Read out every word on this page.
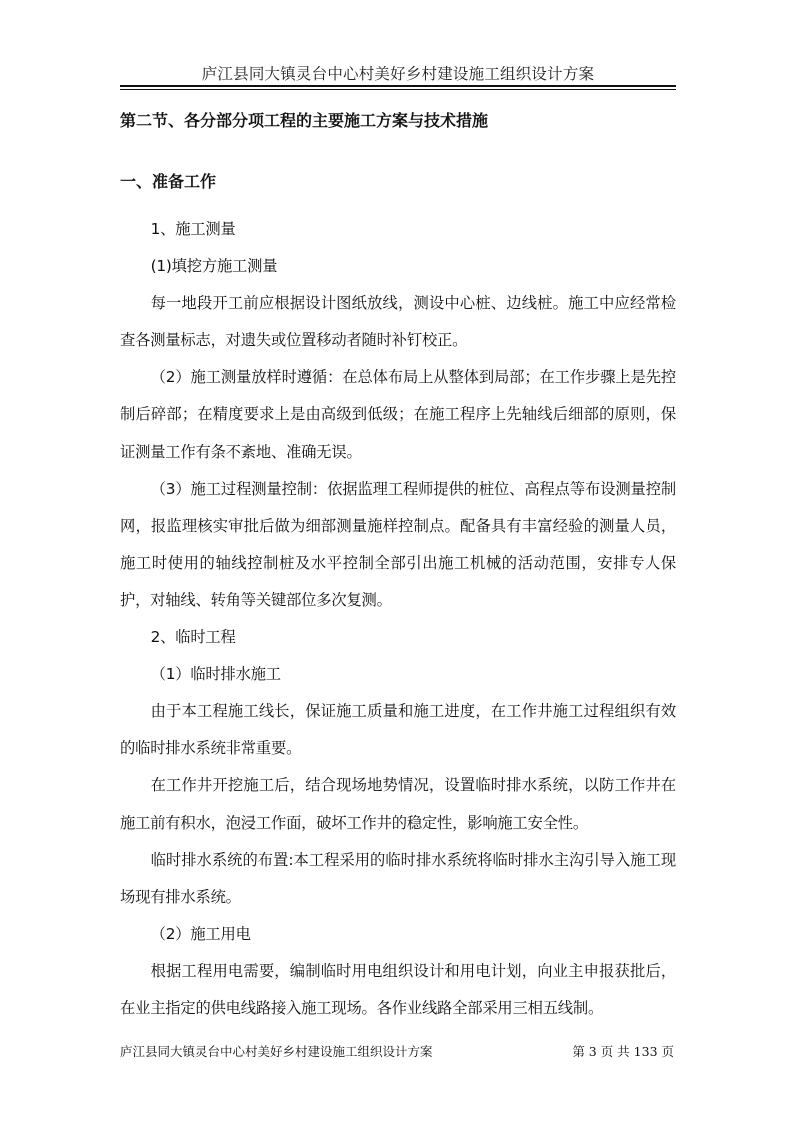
庐江县同大镇灵台中心村美好乡村建设施工组织设计方案
第二节、各分部分项工程的主要施工方案与技术措施
一、准备工作

1、施工测量

(1)填挖方施工测量

每一地段开工前应根据设计图纸放线，测设中心桩、边线桩。施工中应经常检查各测量标志，对遗失或位置移动者随时补钉校正。

（2）施工测量放样时遵循：在总体布局上从整体到局部；在工作步骤上是先控制后碎部；在精度要求上是由高级到低级；在施工程序上先轴线后细部的原则，保证测量工作有条不紊地、准确无误。

（3）施工过程测量控制：依据监理工程师提供的桩位、高程点等布设测量控制网，报监理核实审批后做为细部测量施样控制点。配备具有丰富经验的测量人员，施工时使用的轴线控制桩及水平控制全部引出施工机械的活动范围，安排专人保护，对轴线、转角等关键部位多次复测。

2、临时工程

（1）临时排水施工

由于本工程施工线长，保证施工质量和施工进度，在工作井施工过程组织有效的临时排水系统非常重要。

在工作井开挖施工后，结合现场地势情况，设置临时排水系统，以防工作井在施工前有积水，泡浸工作面，破坏工作井的稳定性，影响施工安全性。

临时排水系统的布置:本工程采用的临时排水系统将临时排水主沟引导入施工现场现有排水系统。

（2）施工用电

根据工程用电需要，编制临时用电组织设计和用电计划，向业主申报获批后，在业主指定的供电线路接入施工现场。各作业线路全部采用三相五线制。

庐江县同大镇灵台中心村美好乡村建设施工组织设计方案	第 3 页 共 133 页
